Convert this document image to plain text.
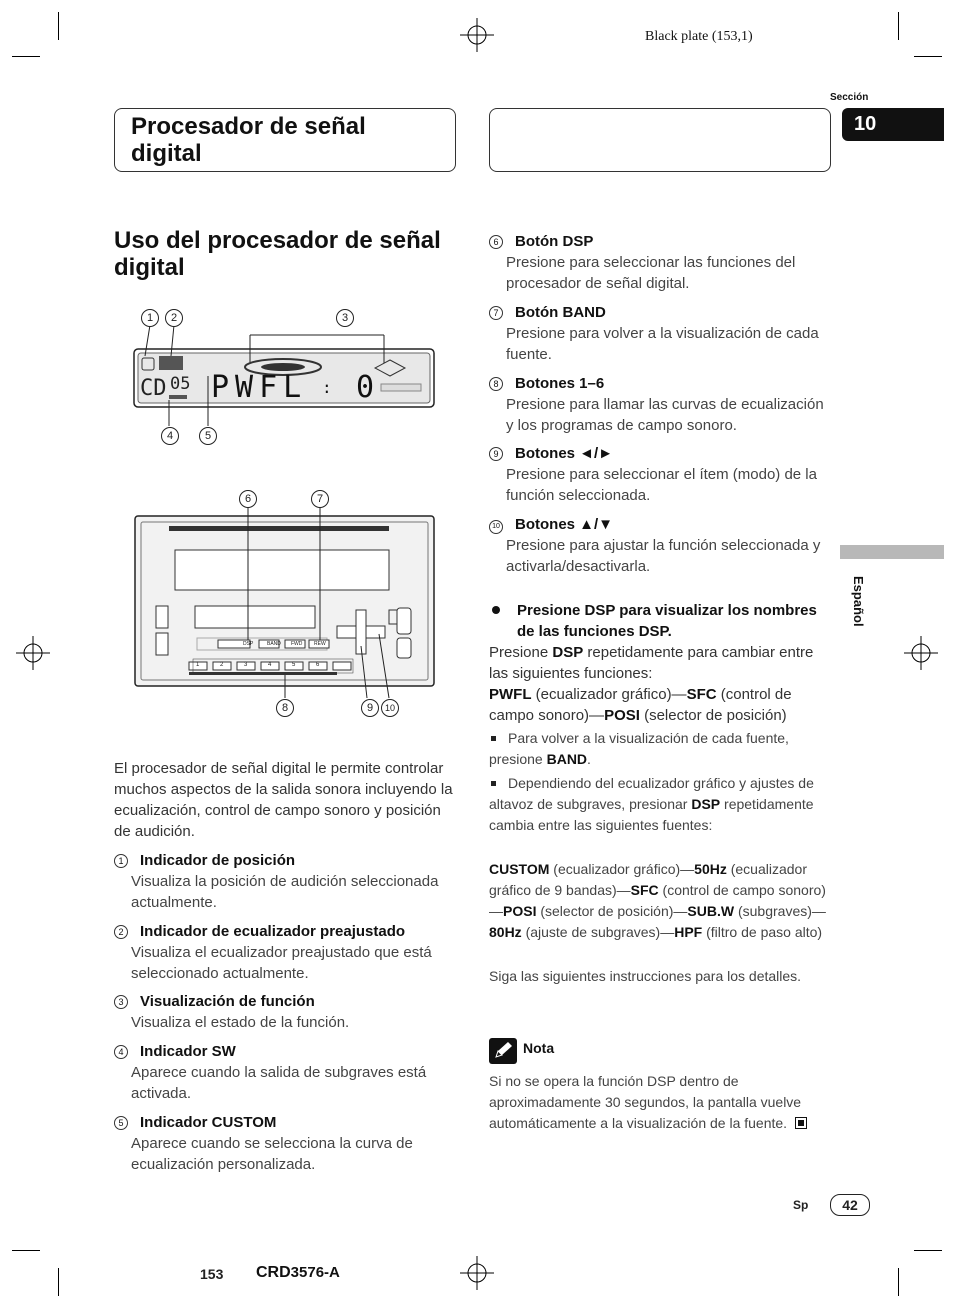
Black plate (153,1)
Sección
10
Procesador de señal digital
Español
Uso del procesador de señal digital
CD 05 PWFL : 0
1	2	3
4	5
DSP	BAND FWD REW
1	2	3	4	5	6
6	7
8	9	10
El procesador de señal digital le permite controlar muchos aspectos de la salida sonora incluyendo la ecualización, control de campo sonoro y posición de audición.
1 Indicador de posición
Visualiza la posición de audición seleccionada actualmente.
2 Indicador de ecualizador preajustado
Visualiza el ecualizador preajustado que está seleccionado actualmente.
3 Visualización de función
Visualiza el estado de la función.
4 Indicador SW
Aparece cuando la salida de subgraves está activada.
5 Indicador CUSTOM
Aparece cuando se selecciona la curva de ecualización personalizada.
6 Botón DSP
Presione para seleccionar las funciones del procesador de señal digital.
7 Botón BAND
Presione para volver a la visualización de cada fuente.
8 Botones 1–6
Presione para llamar las curvas de ecualización y los programas de campo sonoro.
9 Botones ◄/►
Presione para seleccionar el ítem (modo) de la función seleccionada.
10 Botones ▲/▼
Presione para ajustar la función seleccionada y activarla/desactivarla.
Presione DSP para visualizar los nombres de las funciones DSP.
Presione DSP repetidamente para cambiar entre las siguientes funciones:
PWFL (ecualizador gráfico)—SFC (control de campo sonoro)—POSI (selector de posición)
Para volver a la visualización de cada fuente, presione BAND.
Dependiendo del ecualizador gráfico y ajustes de altavoz de subgraves, presionar DSP repetidamente cambia entre las siguientes fuentes:
CUSTOM (ecualizador gráfico)—50Hz (ecualizador gráfico de 9 bandas)—SFC (control de campo sonoro)—POSI (selector de posición)—SUB.W (subgraves)—80Hz (ajuste de subgraves)—HPF (filtro de paso alto)
Siga las siguientes instrucciones para los detalles.
Nota
Si no se opera la función DSP dentro de aproximadamente 30 segundos, la pantalla vuelve automáticamente a la visualización de la fuente.
Sp	42
153 CRD3576-A
